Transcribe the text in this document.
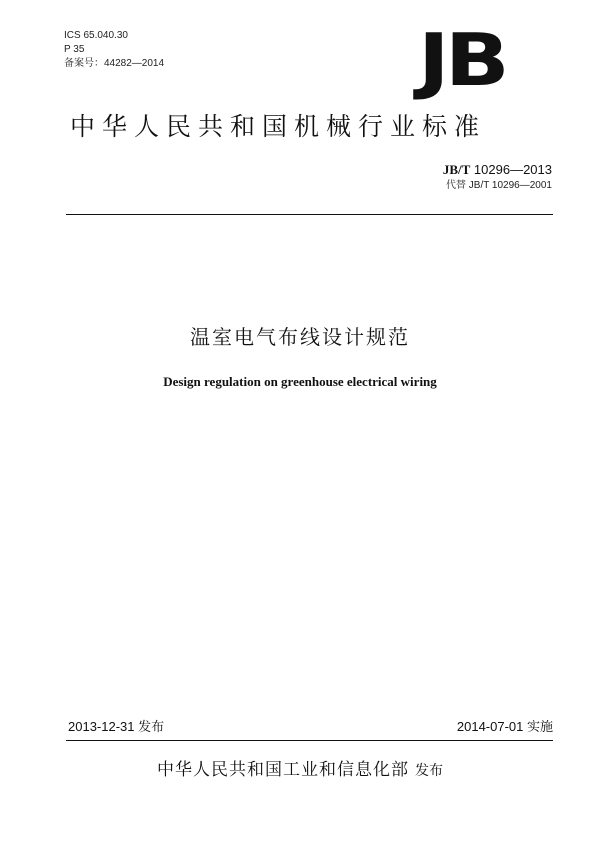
ICS 65.040.30
P 35
备案号：44282—2014	JB
中华人民共和国机械行业标准
JB/T 10296—2013
代替 JB/T 10296—2001
温室电气布线设计规范
Design regulation on greenhouse electrical wiring
2013-12-31 发布	2014-07-01 实施
中华人民共和国工业和信息化部 发布
